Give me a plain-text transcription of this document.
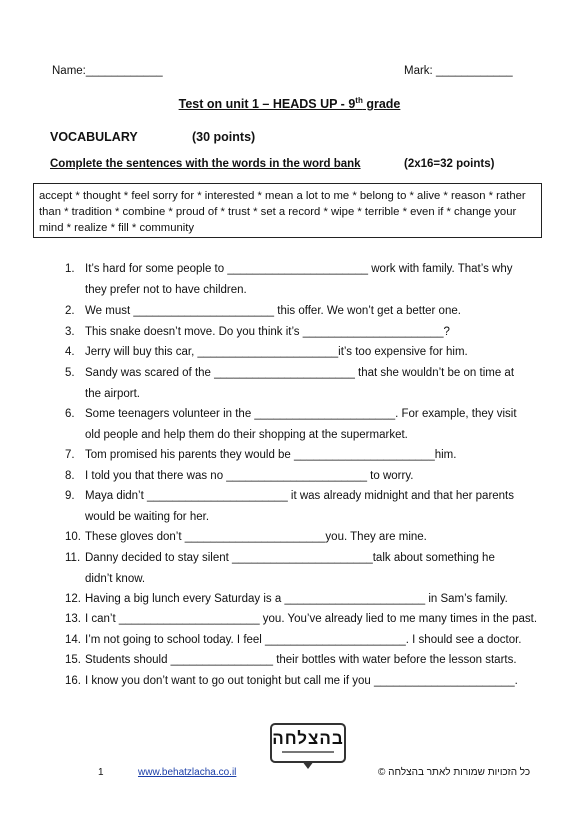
Name:____________	Mark: ____________
Test on unit 1 – HEADS UP - 9th grade
VOCABULARY	(30 points)
Complete the sentences with the words in the word bank	(2x16=32 points)
accept * thought * feel sorry for * interested * mean a lot to me * belong to * alive * reason * rather than * tradition * combine * proud of * trust * set a record * wipe * terrible * even if * change your mind * realize * fill * community
1. It’s hard for some people to ______________________ work with family. That’s why
they prefer not to have children.
2. We must ______________________ this offer. We won’t get a better one.
3. This snake doesn’t move. Do you think it’s ______________________?
4. Jerry will buy this car, ______________________it’s too expensive for him.
5. Sandy was scared of the ______________________ that she wouldn’t be on time at
the airport.
6. Some teenagers volunteer in the ______________________. For example, they visit
old people and help them do their shopping at the supermarket.
7. Tom promised his parents they would be ______________________him.
8. I told you that there was no ______________________ to worry.
9. Maya didn’t ______________________ it was already midnight and that her parents
would be waiting for her.
10. These gloves don’t ______________________you. They are mine.
11. Danny decided to stay silent ______________________talk about something he
didn’t know.
12. Having a big lunch every Saturday is a ______________________ in Sam’s family.
13. I can’t ______________________ you. You’ve already lied to me many times in the past.
14. I’m not going to school today. I feel ______________________. I should see a doctor.
15. Students should ________________ their bottles with water before the lesson starts.
16. I know you don’t want to go out tonight but call me if you ______________________.
בהצלחה
1	www.behatzlacha.co.il	כל הזכויות שמורות לאתר בהצלחה ©
